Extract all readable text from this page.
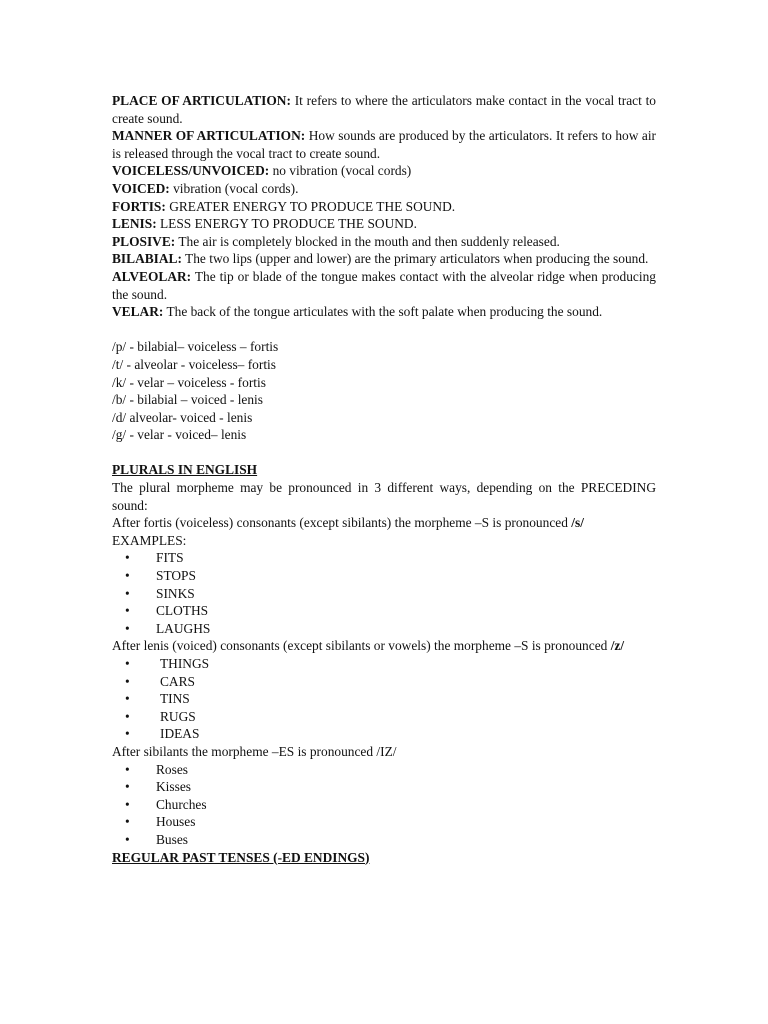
PLACE OF ARTICULATION: It refers to where the articulators make contact in the vocal tract to create sound.

MANNER OF ARTICULATION: How sounds are produced by the articulators. It refers to how air is released through the vocal tract to create sound.

VOICELESS/UNVOICED: no vibration (vocal cords)

VOICED: vibration (vocal cords).

FORTIS: GREATER ENERGY TO PRODUCE THE SOUND.

LENIS: LESS ENERGY TO PRODUCE THE SOUND.

PLOSIVE: The air is completely blocked in the mouth and then suddenly released.

BILABIAL: The two lips (upper and lower) are the primary articulators when producing the sound.

ALVEOLAR: The tip or blade of the tongue makes contact with the alveolar ridge when producing the sound.

VELAR: The back of the tongue articulates with the soft palate when producing the sound.

/p/ - bilabial– voiceless – fortis

/t/ - alveolar - voiceless– fortis

/k/ - velar – voiceless - fortis

/b/ - bilabial – voiced - lenis

/d/ alveolar- voiced - lenis

/g/ - velar - voiced– lenis

PLURALS IN ENGLISH

The plural morpheme may be pronounced in 3 different ways, depending on the PRECEDING sound:

After fortis (voiceless) consonants (except sibilants) the morpheme –S is pronounced /s/

EXAMPLES:

• FITS
• STOPS
• SINKS
• CLOTHS
• LAUGHS

After lenis (voiced) consonants (except sibilants or vowels) the morpheme –S is pronounced /z/

• THINGS
• CARS
• TINS
• RUGS
• IDEAS

After sibilants the morpheme –ES is pronounced /IZ/

• Roses
• Kisses
• Churches
• Houses
• Buses

REGULAR PAST TENSES (-ED ENDINGS)
